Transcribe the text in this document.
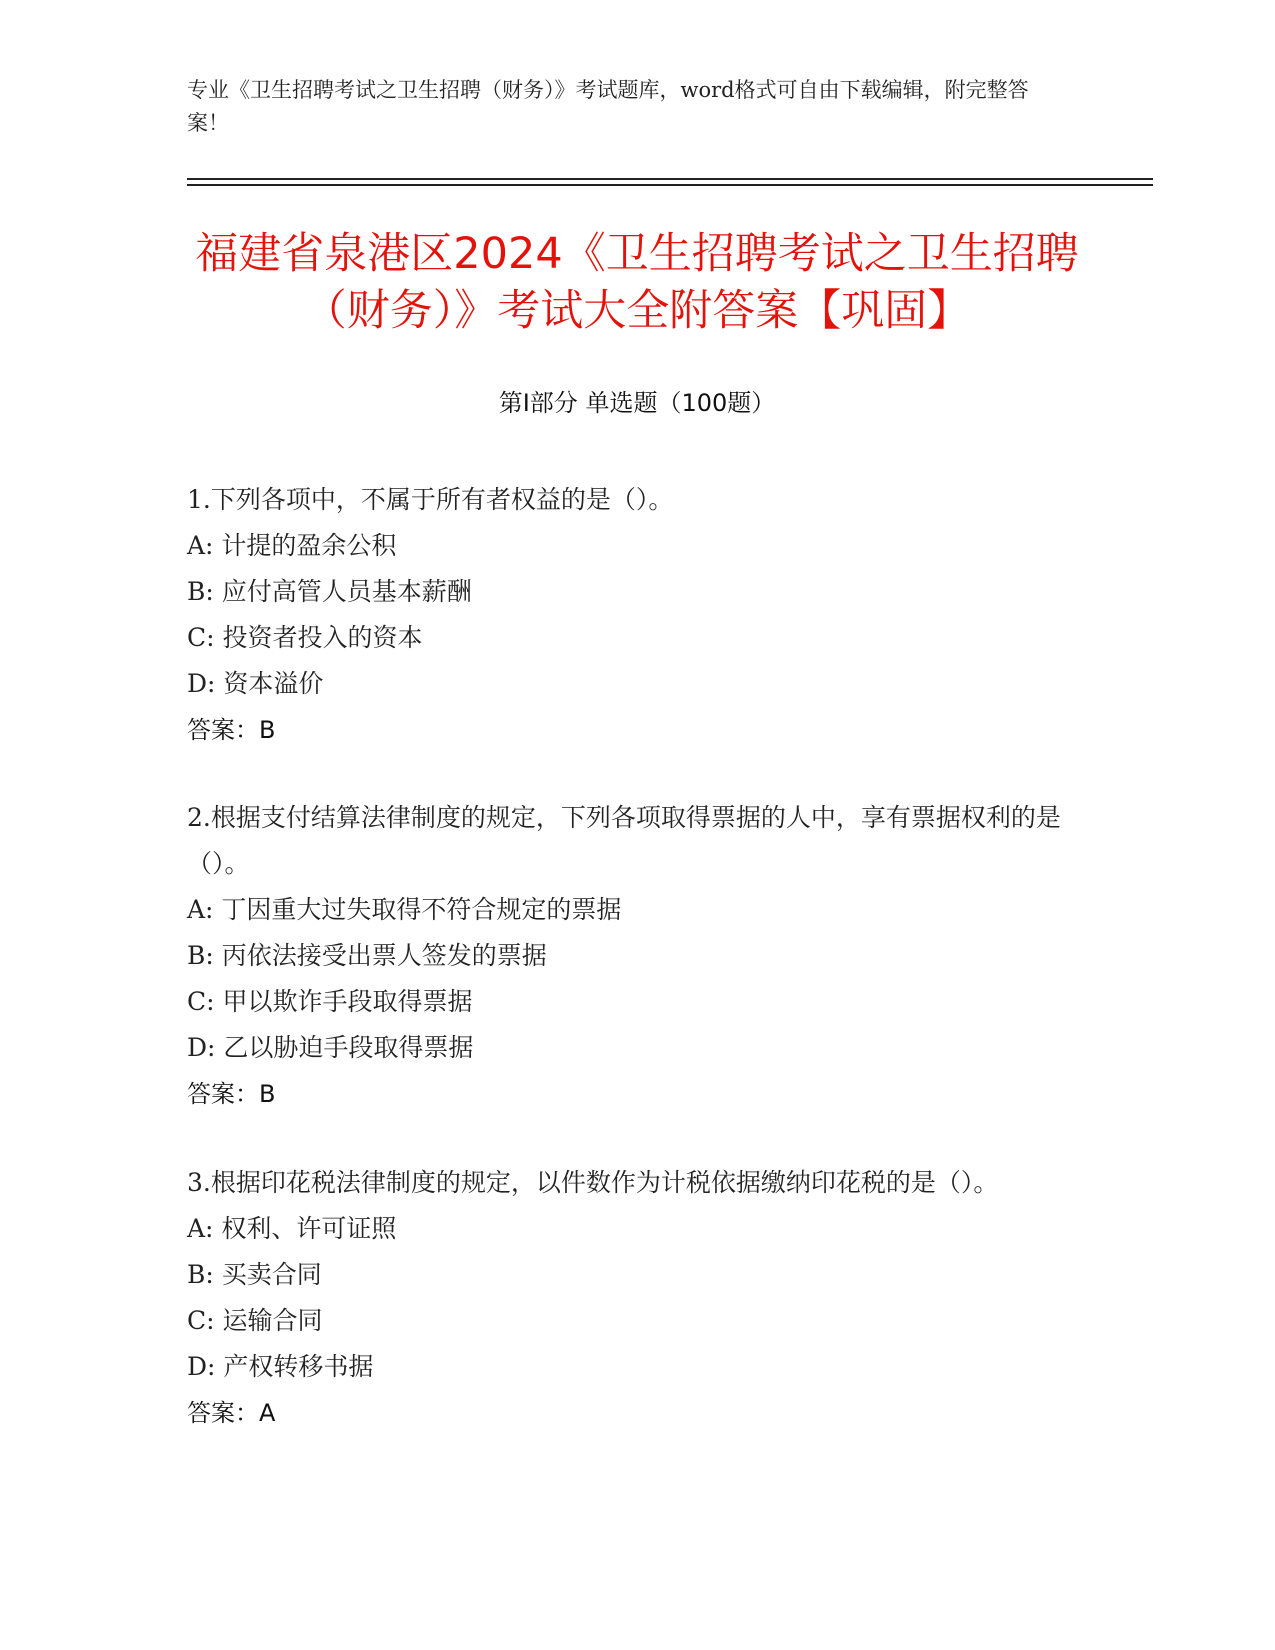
专业《卫生招聘考试之卫生招聘（财务）》考试题库，word格式可自由下载编辑，附完整答案！

福建省泉港区2024《卫生招聘考试之卫生招聘（财务）》考试大全附答案【巩固】
第I部分 单选题（100题）

1.下列各项中，不属于所有者权益的是（）。

A: 计提的盈余公积

B: 应付高管人员基本薪酬

C: 投资者投入的资本

D: 资本溢价

答案：B

2.根据支付结算法律制度的规定，下列各项取得票据的人中，享有票据权利的是（）。

A: 丁因重大过失取得不符合规定的票据

B: 丙依法接受出票人签发的票据

C: 甲以欺诈手段取得票据

D: 乙以胁迫手段取得票据

答案：B

3.根据印花税法律制度的规定，以件数作为计税依据缴纳印花税的是（）。

A: 权利、许可证照

B: 买卖合同

C: 运输合同

D: 产权转移书据

答案：A
